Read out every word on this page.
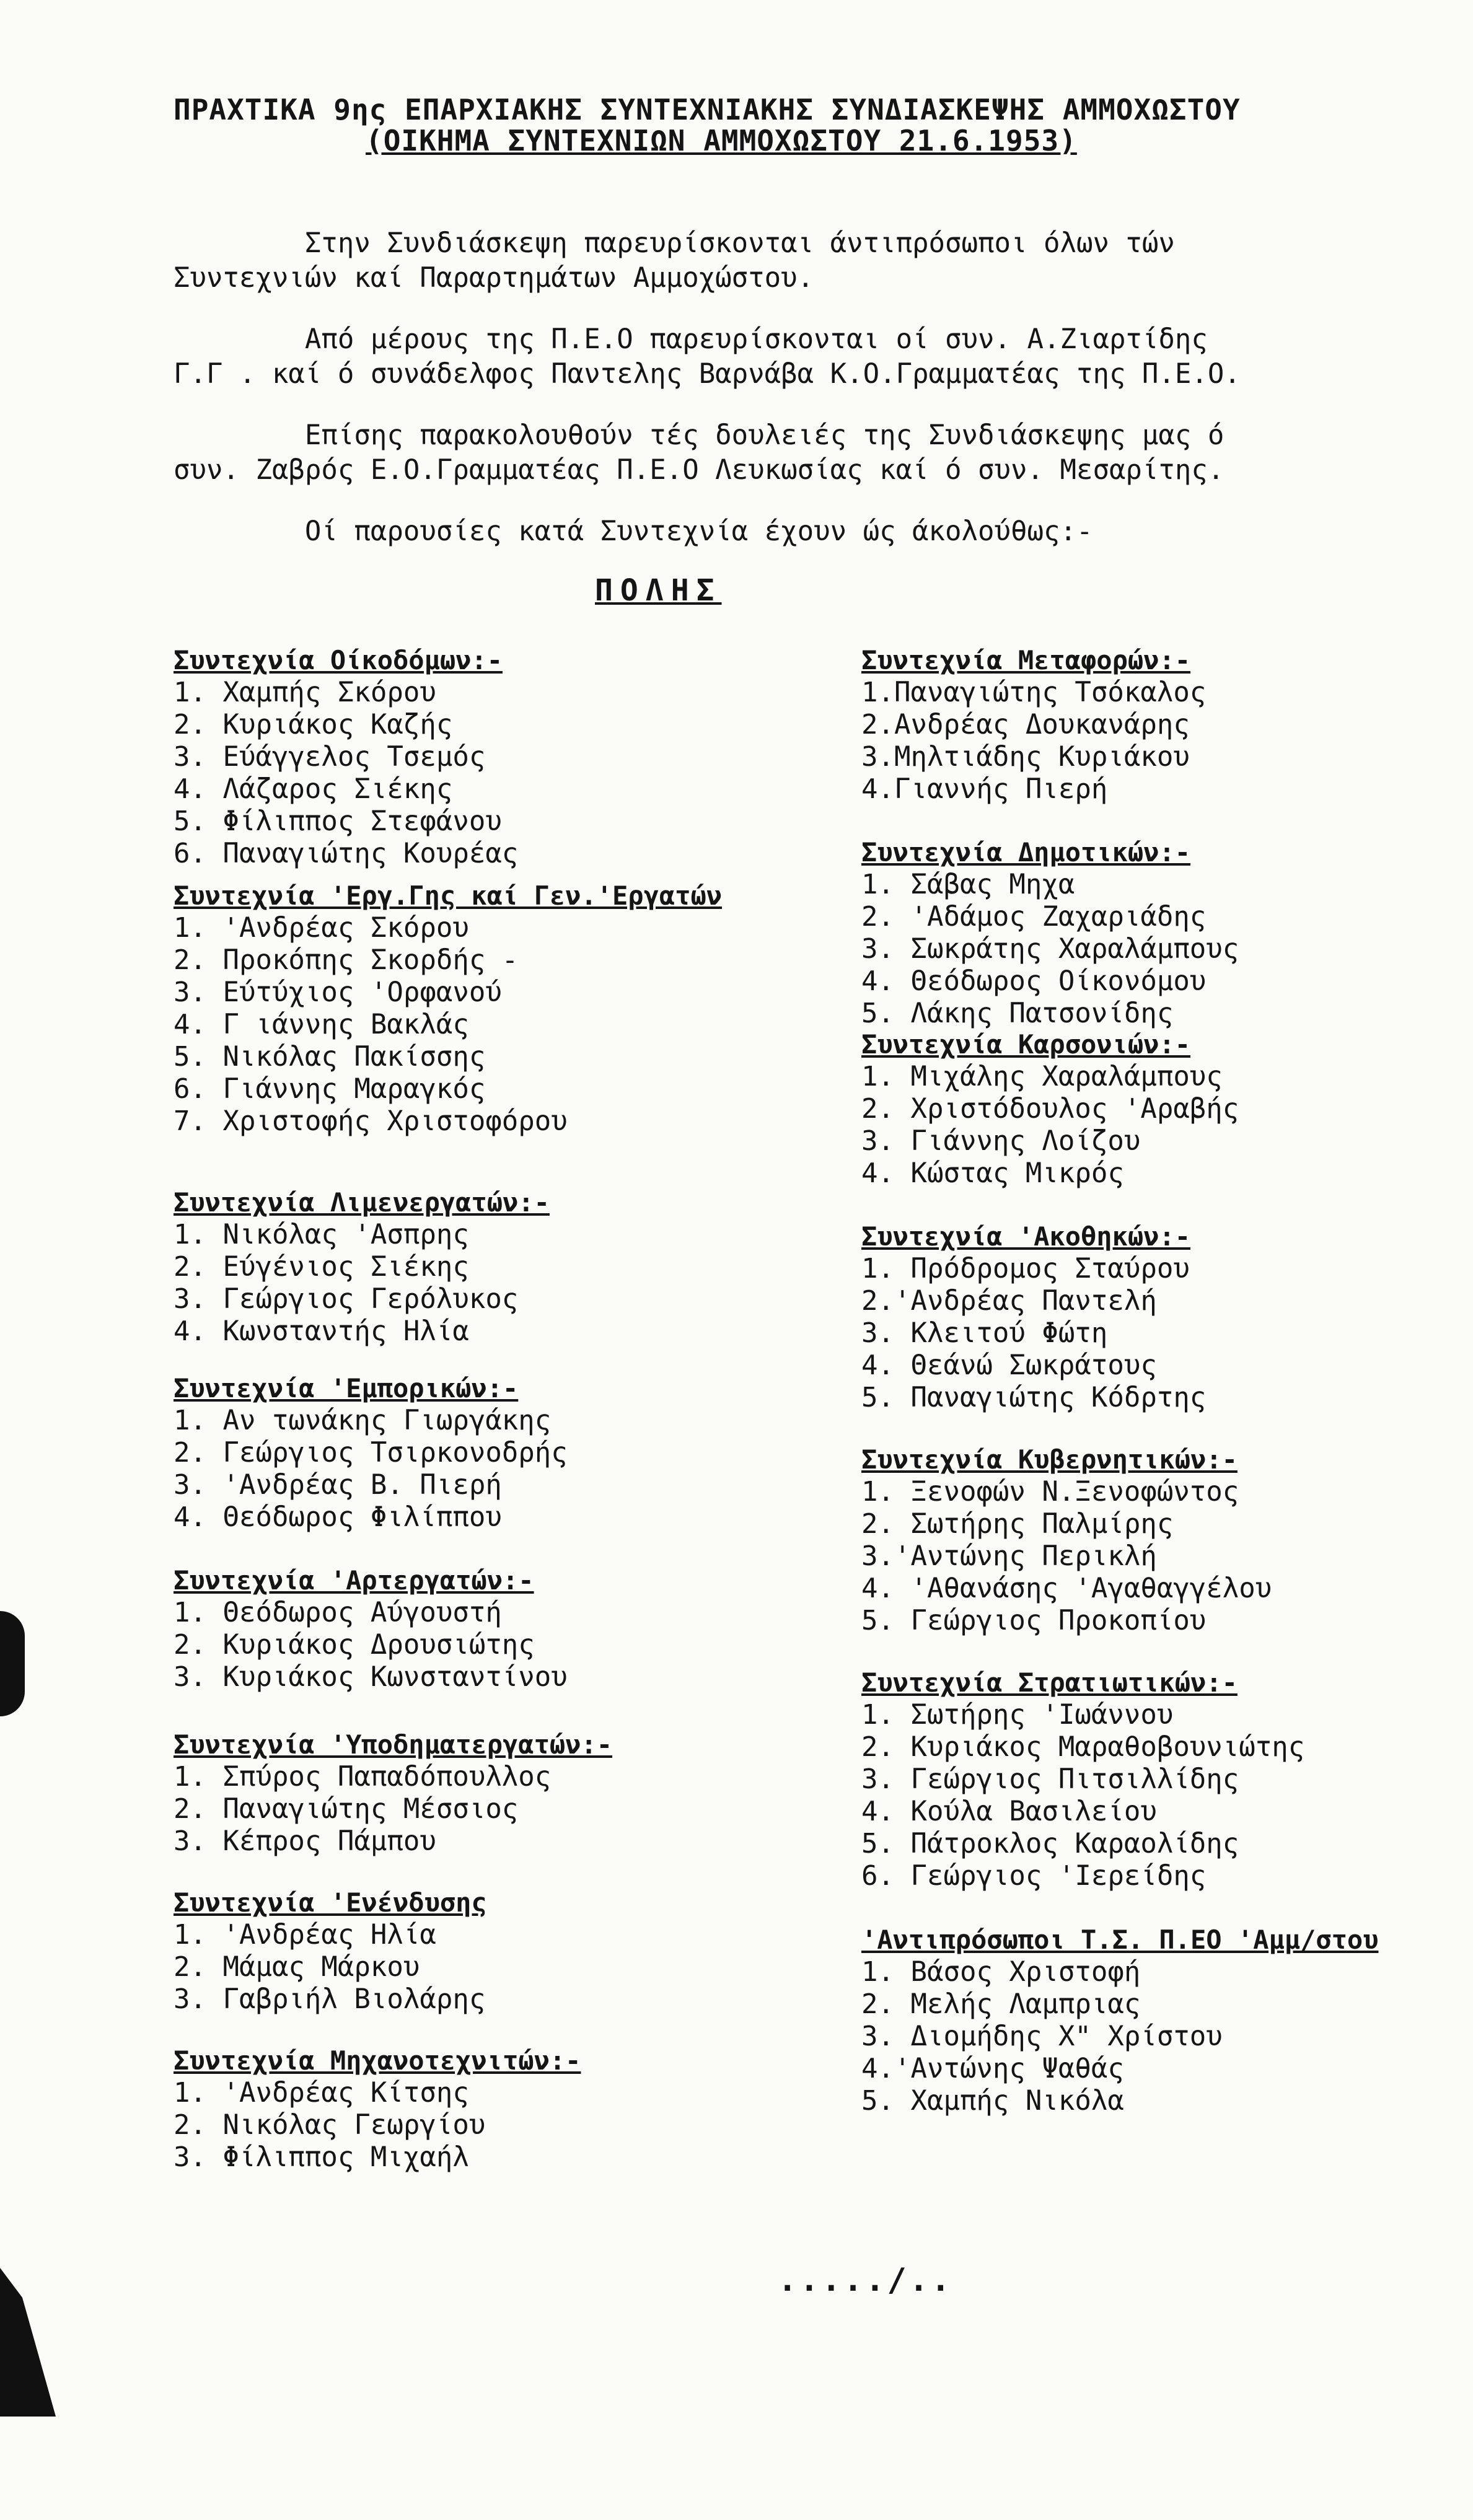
ΠΡΑΧΤΙΚΑ 9ης ΕΠΑΡΧΙΑΚΗΣ ΣΥΝΤΕΧΝΙΑΚΗΣ ΣΥΝΔΙΑΣΚΕΨΗΣ ΑΜΜΟΧΩΣΤΟΥ
(ΟΙΚΗΜΑ ΣΥΝΤΕΧΝΙΩΝ ΑΜΜΟΧΩΣΤΟΥ 21.6.1953)
Στην Συνδιάσκεψη παρευρίσκονται άντιπρόσωποι όλων τών
Συντεχνιών καί Παραρτημάτων Αμμοχώστου.
Από μέρους της Π.Ε.Ο παρευρίσκονται οί συν. Α.Ζιαρτίδης
Γ.Γ . καί ό συνάδελφος Παντελης Βαρνάβα Κ.Ο.Γραμματέας της Π.Ε.Ο.
Επίσης παρακολουθούν τές δουλειές της Συνδιάσκεψης μας ό
συν. Ζαβρός Ε.Ο.Γραμματέας Π.Ε.Ο Λευκωσίας καί ό συν. Μεσαρίτης.
Οί παρουσίες κατά Συντεχνία έχουν ώς άκολούθως:-
ΠΟΛΗΣ
Συντεχνία Οίκοδόμων:-
1. Χαμπής Σκόρου
2. Κυριάκος Καζής
3. Εύάγγελος Τσεμός
4. Λάζαρος Σιέκης
5. Φίλιππος Στεφάνου
6. Παναγιώτης Κουρέας
Συντεχνία 'Εργ.Γης καί Γεν.'Εργατών
1. 'Ανδρέας Σκόρου
2. Προκόπης Σκορδής -
3. Εύτύχιος 'Ορφανού
4. Γ ιάννης Βακλάς
5. Νικόλας Πακίσσης
6. Γιάννης Μαραγκός
7. Χριστοφής Χριστοφόρου
Συντεχνία Λιμενεργατών:-
1. Νικόλας 'Ασπρης
2. Εύγένιος Σιέκης
3. Γεώργιος Γερόλυκος
4. Κωνσταντής Ηλία
Συντεχνία 'Εμπορικών:-
1. Αν τωνάκης Γιωργάκης
2. Γεώργιος Τσιρκονοδρής
3. 'Ανδρέας Β. Πιερή
4. Θεόδωρος Φιλίππου
Συντεχνία 'Αρτεργατών:-
1. Θεόδωρος Αύγουστή
2. Κυριάκος Δρουσιώτης
3. Κυριάκος Κωνσταντίνου
Συντεχνία 'Υποδηματεργατών:-
1. Σπύρος Παπαδόπουλλος
2. Παναγιώτης Μέσσιος
3. Κέπρος Πάμπου
Συντεχνία 'Ενένδυσης
1. 'Ανδρέας Ηλία
2. Μάμας Μάρκου
3. Γαβριήλ Βιολάρης
Συντεχνία Μηχανοτεχνιτών:-
1. 'Ανδρέας Κίτσης
2. Νικόλας Γεωργίου
3. Φίλιππος Μιχαήλ
Συντεχνία Μεταφορών:-
1.Παναγιώτης Τσόκαλος
2.Ανδρέας Δουκανάρης
3.Μηλτιάδης Κυριάκου
4.Γιαννής Πιερή
Συντεχνία Δημοτικών:-
1. Σάβας Μηχα
2. 'Αδάμος Ζαχαριάδης
3. Σωκράτης Χαραλάμπους
4. Θεόδωρος Οίκονόμου
5. Λάκης Πατσονίδης
Συντεχνία Καρσονιών:-
1. Μιχάλης Χαραλάμπους
2. Χριστόδουλος 'Αραβής
3. Γιάννης Λοίζου
4. Κώστας Μικρός
Συντεχνία 'Ακοθηκών:-
1. Πρόδρομος Σταύρου
2.'Ανδρέας Παντελή
3. Κλειτού Φώτη
4. Θεάνώ Σωκράτους
5. Παναγιώτης Κόδρτης
Συντεχνία Κυβερνητικών:-
1. Ξενοφών Ν.Ξενοφώντος
2. Σωτήρης Παλμίρης
3.'Αντώνης Περικλή
4. 'Αθανάσης 'Αγαθαγγέλου
5. Γεώργιος Προκοπίου
Συντεχνία Στρατιωτικών:-
1. Σωτήρης 'Ιωάννου
2. Κυριάκος Μαραθοβουνιώτης
3. Γεώργιος Πιτσιλλίδης
4. Κούλα Βασιλείου
5. Πάτροκλος Καραολίδης
6. Γεώργιος 'Ιερείδης
'Αντιπρόσωποι Τ.Σ. Π.ΕΟ 'Αμμ/στου
1. Βάσος Χριστοφή
2. Μελής Λαμπριας
3. Διομήδης Χ" Χρίστου
4.'Αντώνης Ψαθάς
5. Χαμπής Νικόλα
...../..
